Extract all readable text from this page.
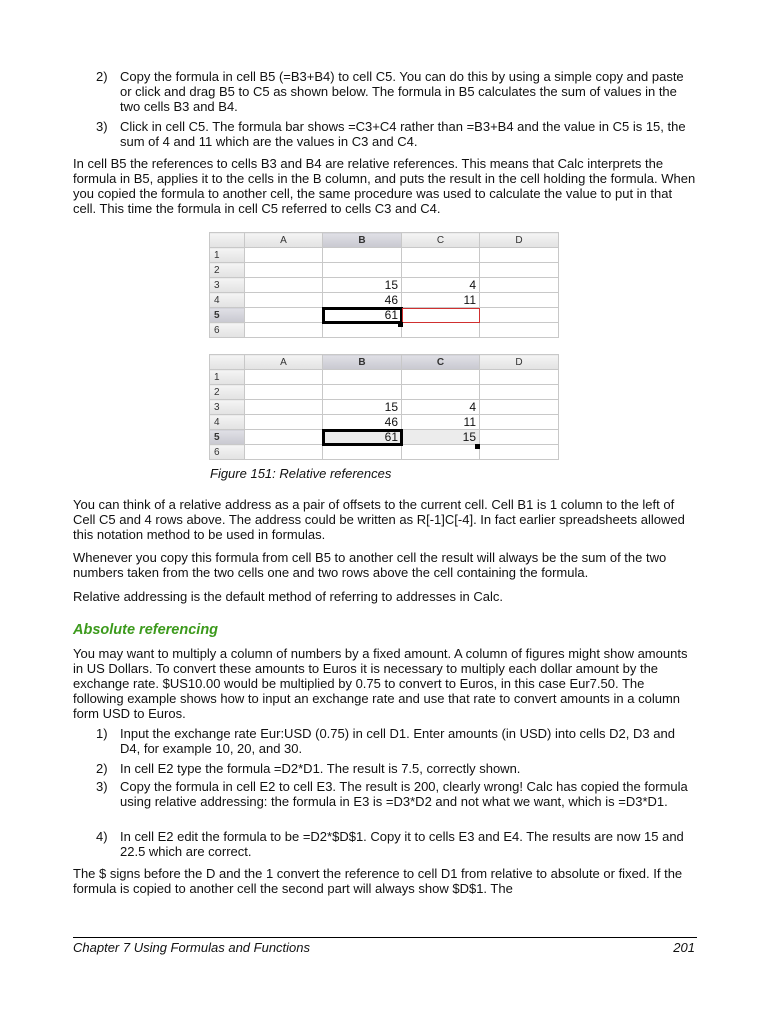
2) Copy the formula in cell B5 (=B3+B4) to cell C5. You can do this by using a simple copy and paste or click and drag B5 to C5 as shown below. The formula in B5 calculates the sum of values in the two cells B3 and B4.
3) Click in cell C5. The formula bar shows =C3+C4 rather than =B3+B4 and the value in C5 is 15, the sum of 4 and 11 which are the values in C3 and C4.
In cell B5 the references to cells B3 and B4 are relative references. This means that Calc interprets the formula in B5, applies it to the cells in the B column, and puts the result in the cell holding the formula. When you copied the formula to another cell, the same procedure was used to calculate the value to put in that cell. This time the formula in cell C5 referred to cells C3 and C4.
	A	B	C	D
1				
2				
3		15	4	
4		46	11	
5		61		
6				
	A	B	C	D
1				
2				
3		15	4	
4		46	11	
5		61	15	
6				
Figure 151: Relative references
You can think of a relative address as a pair of offsets to the current cell. Cell B1 is 1 column to the left of Cell C5 and 4 rows above. The address could be written as R[-1]C[-4]. In fact earlier spreadsheets allowed this notation method to be used in formulas.
Whenever you copy this formula from cell B5 to another cell the result will always be the sum of the two numbers taken from the two cells one and two rows above the cell containing the formula.
Relative addressing is the default method of referring to addresses in Calc.
Absolute referencing
You may want to multiply a column of numbers by a fixed amount. A column of figures might show amounts in US Dollars. To convert these amounts to Euros it is necessary to multiply each dollar amount by the exchange rate. $US10.00 would be multiplied by 0.75 to convert to Euros, in this case Eur7.50. The following example shows how to input an exchange rate and use that rate to convert amounts in a column form USD to Euros.
1) Input the exchange rate Eur:USD (0.75) in cell D1. Enter amounts (in USD) into cells D2, D3 and D4, for example 10, 20, and 30.
2) In cell E2 type the formula =D2*D1. The result is 7.5, correctly shown.
3) Copy the formula in cell E2 to cell E3. The result is 200, clearly wrong! Calc has copied the formula using relative addressing: the formula in E3 is =D3*D2 and not what we want, which is =D3*D1.
4) In cell E2 edit the formula to be =D2*$D$1. Copy it to cells E3 and E4. The results are now 15 and 22.5 which are correct.
The $ signs before the D and the 1 convert the reference to cell D1 from relative to absolute or fixed. If the formula is copied to another cell the second part will always show $D$1. The
Chapter 7 Using Formulas and Functions	201
